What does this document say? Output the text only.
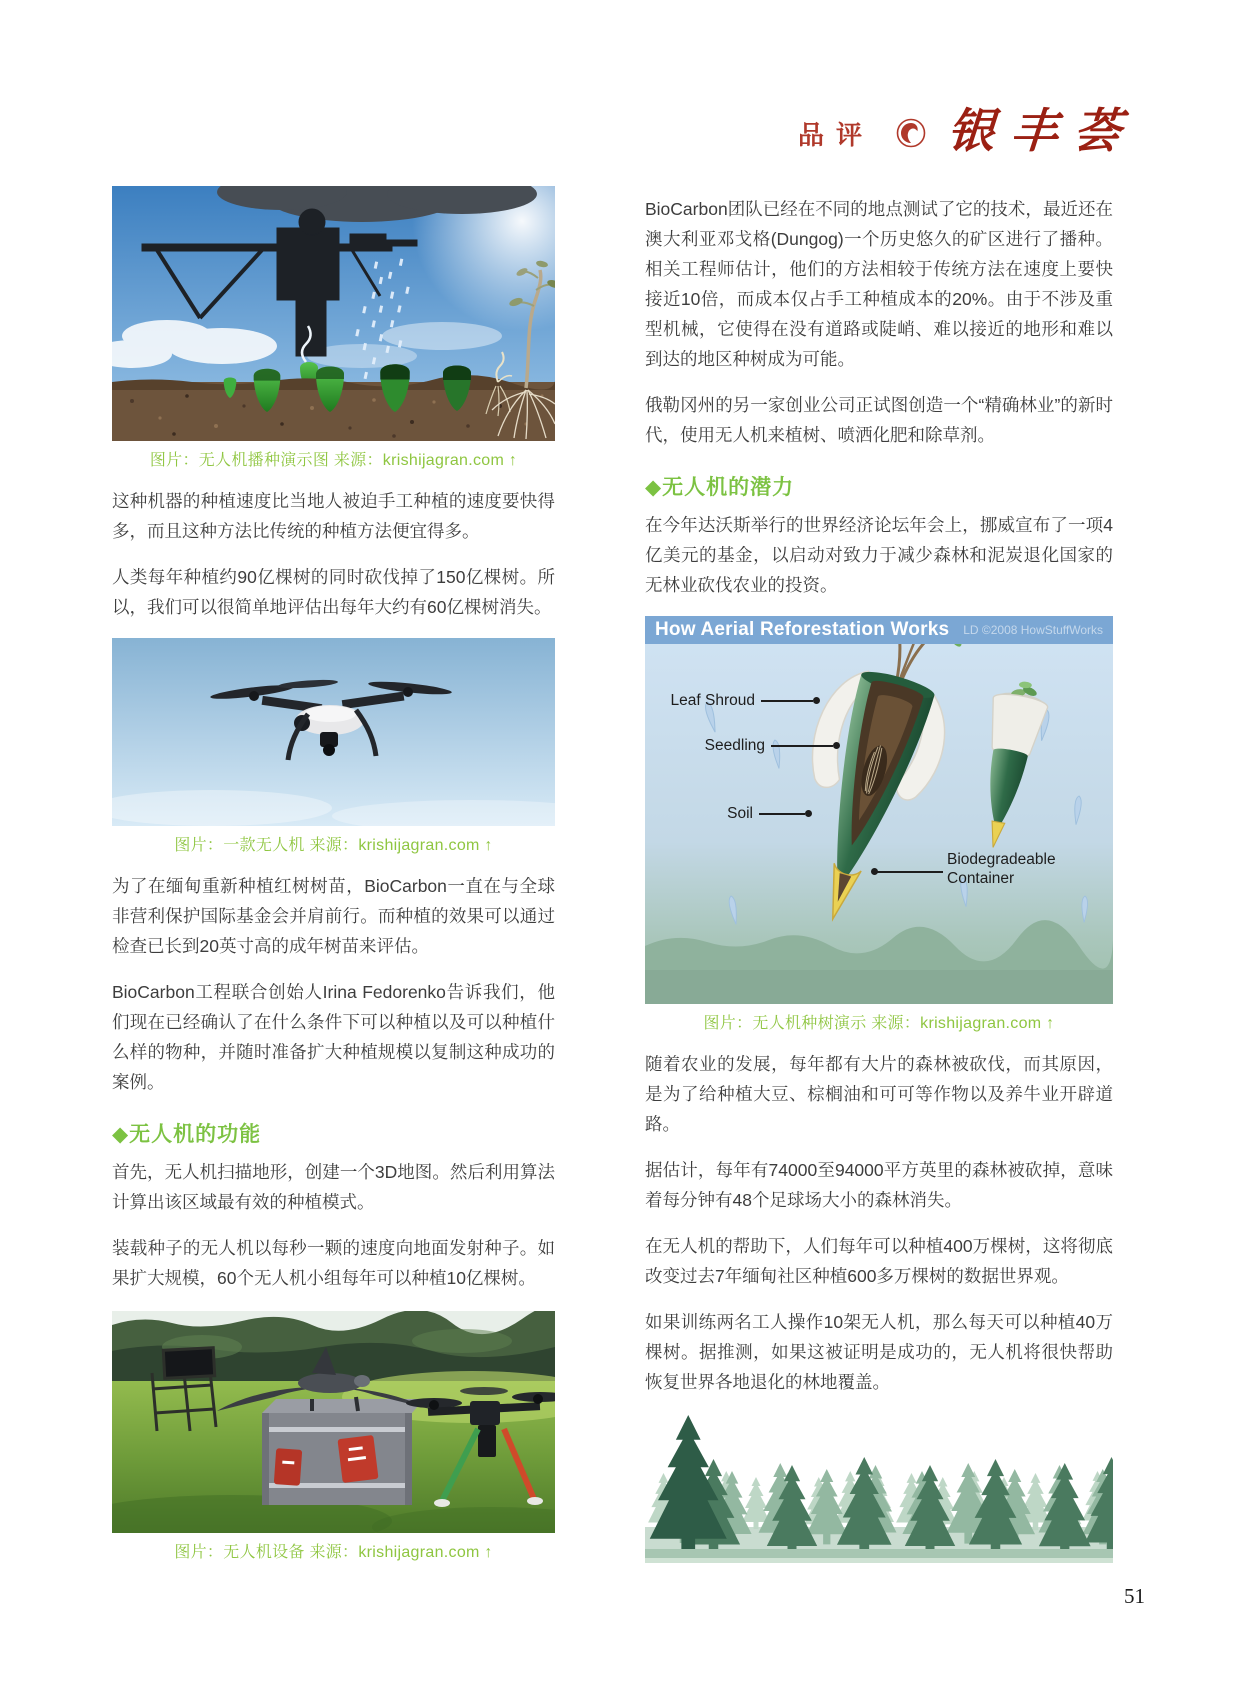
品评 银丰荟
图片：无人机播种演示图 来源：krishijagran.com ↑

这种机器的种植速度比当地人被迫手工种植的速度要快得多，而且这种方法比传统的种植方法便宜得多。

人类每年种植约90亿棵树的同时砍伐掉了150亿棵树。所以，我们可以很简单地评估出每年大约有60亿棵树消失。

图片：一款无人机 来源：krishijagran.com ↑

为了在缅甸重新种植红树树苗，BioCarbon一直在与全球非营利保护国际基金会并肩前行。而种植的效果可以通过检查已长到20英寸高的成年树苗来评估。

BioCarbon工程联合创始人Irina Fedorenko告诉我们，他们现在已经确认了在什么条件下可以种植以及可以种植什么样的物种，并随时准备扩大种植规模以复制这种成功的案例。

◆无人机的功能

首先，无人机扫描地形，创建一个3D地图。然后利用算法计算出该区域最有效的种植模式。

装载种子的无人机以每秒一颗的速度向地面发射种子。如果扩大规模，60个无人机小组每年可以种植10亿棵树。

图片：无人机设备 来源：krishijagran.com ↑

BioCarbon团队已经在不同的地点测试了它的技术，最近还在澳大利亚邓戈格(Dungog)一个历史悠久的矿区进行了播种。相关工程师估计，他们的方法相较于传统方法在速度上要快接近10倍，而成本仅占手工种植成本的20%。由于不涉及重型机械，它使得在没有道路或陡峭、难以接近的地形和难以到达的地区种树成为可能。

俄勒冈州的另一家创业公司正试图创造一个“精确林业”的新时代，使用无人机来植树、喷洒化肥和除草剂。

◆无人机的潜力

在今年达沃斯举行的世界经济论坛年会上，挪威宣布了一项4亿美元的基金，以启动对致力于减少森林和泥炭退化国家的无林业砍伐农业的投资。

How Aerial Reforestation Works LD ©2008 HowStuffWorks
Leaf Shroud
Seedling
Soil
Biodegradeable Container
图片：无人机种树演示 来源：krishijagran.com ↑

随着农业的发展，每年都有大片的森林被砍伐，而其原因，是为了给种植大豆、棕榈油和可可等作物以及养牛业开辟道路。

据估计，每年有74000至94000平方英里的森林被砍掉，意味着每分钟有48个足球场大小的森林消失。

在无人机的帮助下，人们每年可以种植400万棵树，这将彻底改变过去7年缅甸社区种植600多万棵树的数据世界观。

如果训练两名工人操作10架无人机，那么每天可以种植40万棵树。据推测，如果这被证明是成功的，无人机将很快帮助恢复世界各地退化的林地覆盖。

51
